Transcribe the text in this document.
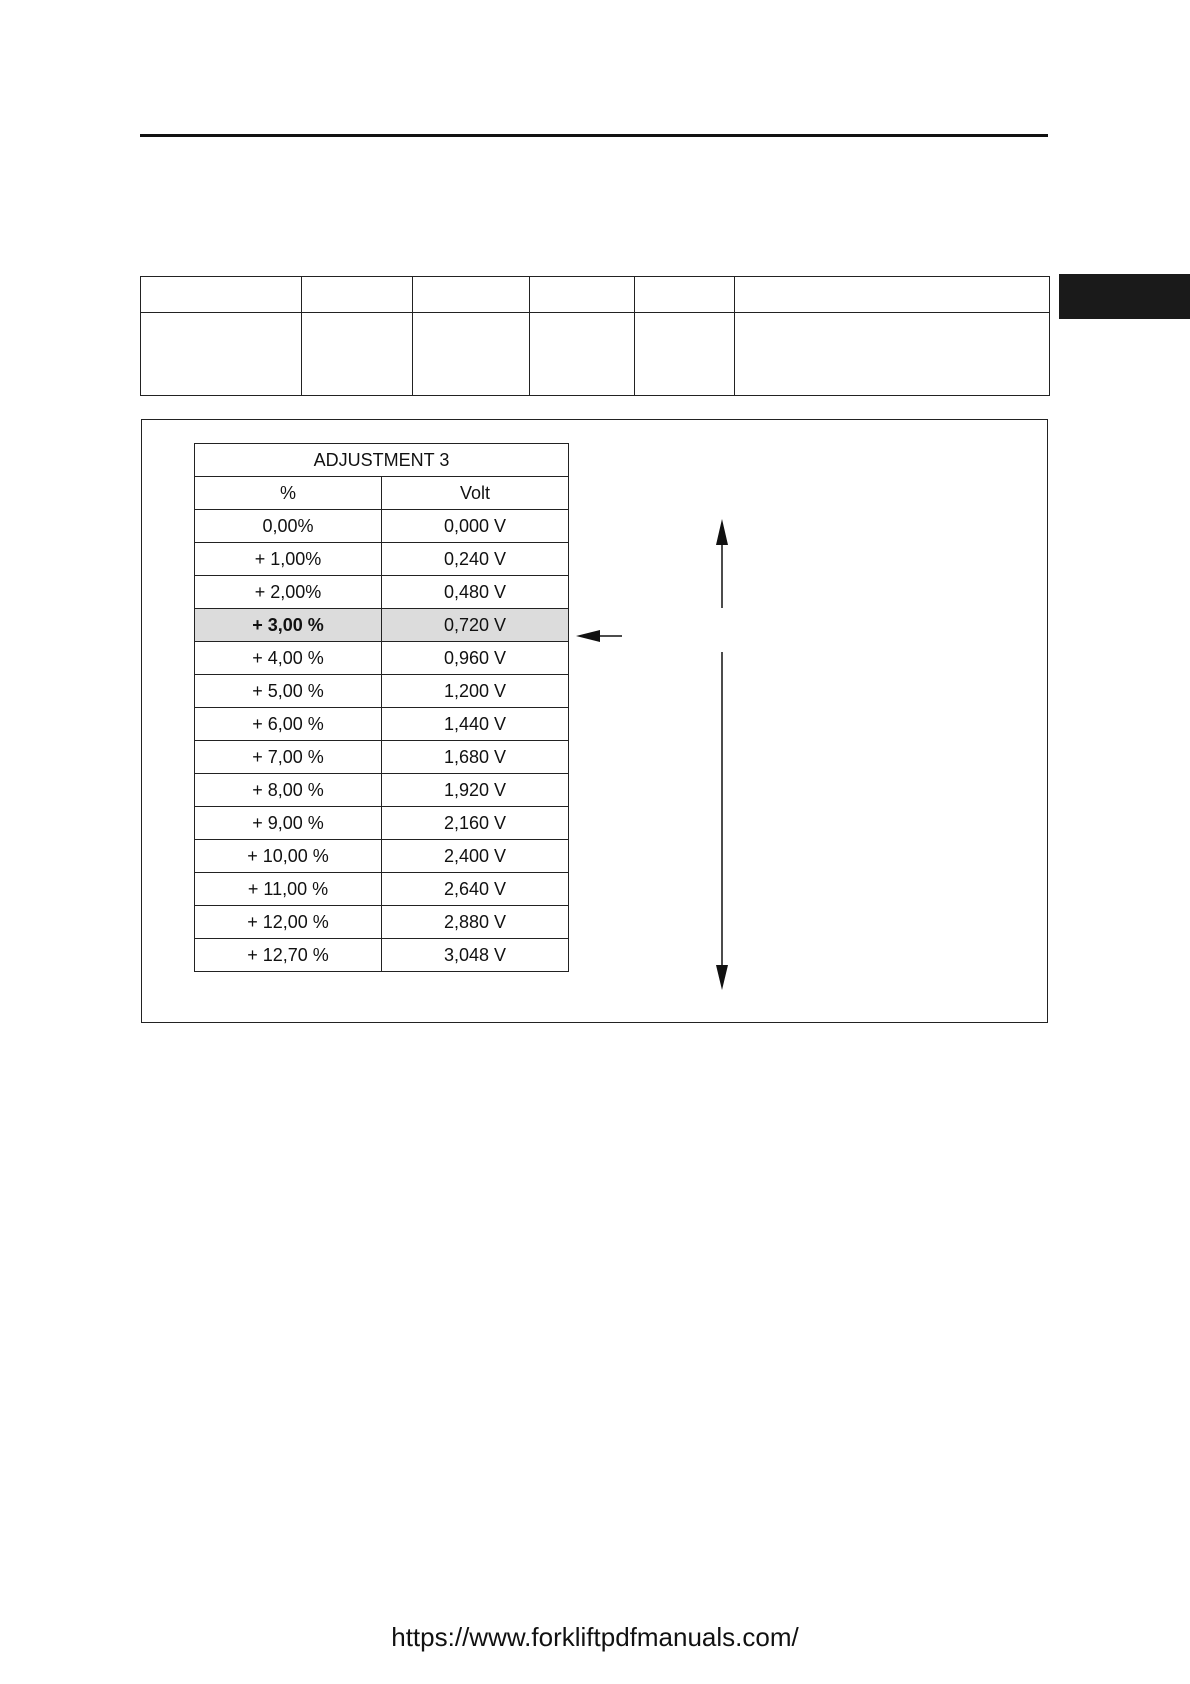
ADJUSTMENT 3	
%	Volt
0,00%	0,000 V
+ 1,00%	0,240 V
+ 2,00%	0,480 V
+ 3,00 %	0,720 V
+ 4,00 %	0,960 V
+ 5,00 %	1,200 V
+ 6,00 %	1,440 V
+ 7,00 %	1,680 V
+ 8,00 %	1,920 V
+ 9,00 %	2,160 V
+ 10,00 %	2,400 V
+ 11,00 %	2,640 V
+ 12,00 %	2,880 V
+ 12,70 %	3,048 V
https://www.forkliftpdfmanuals.com/
